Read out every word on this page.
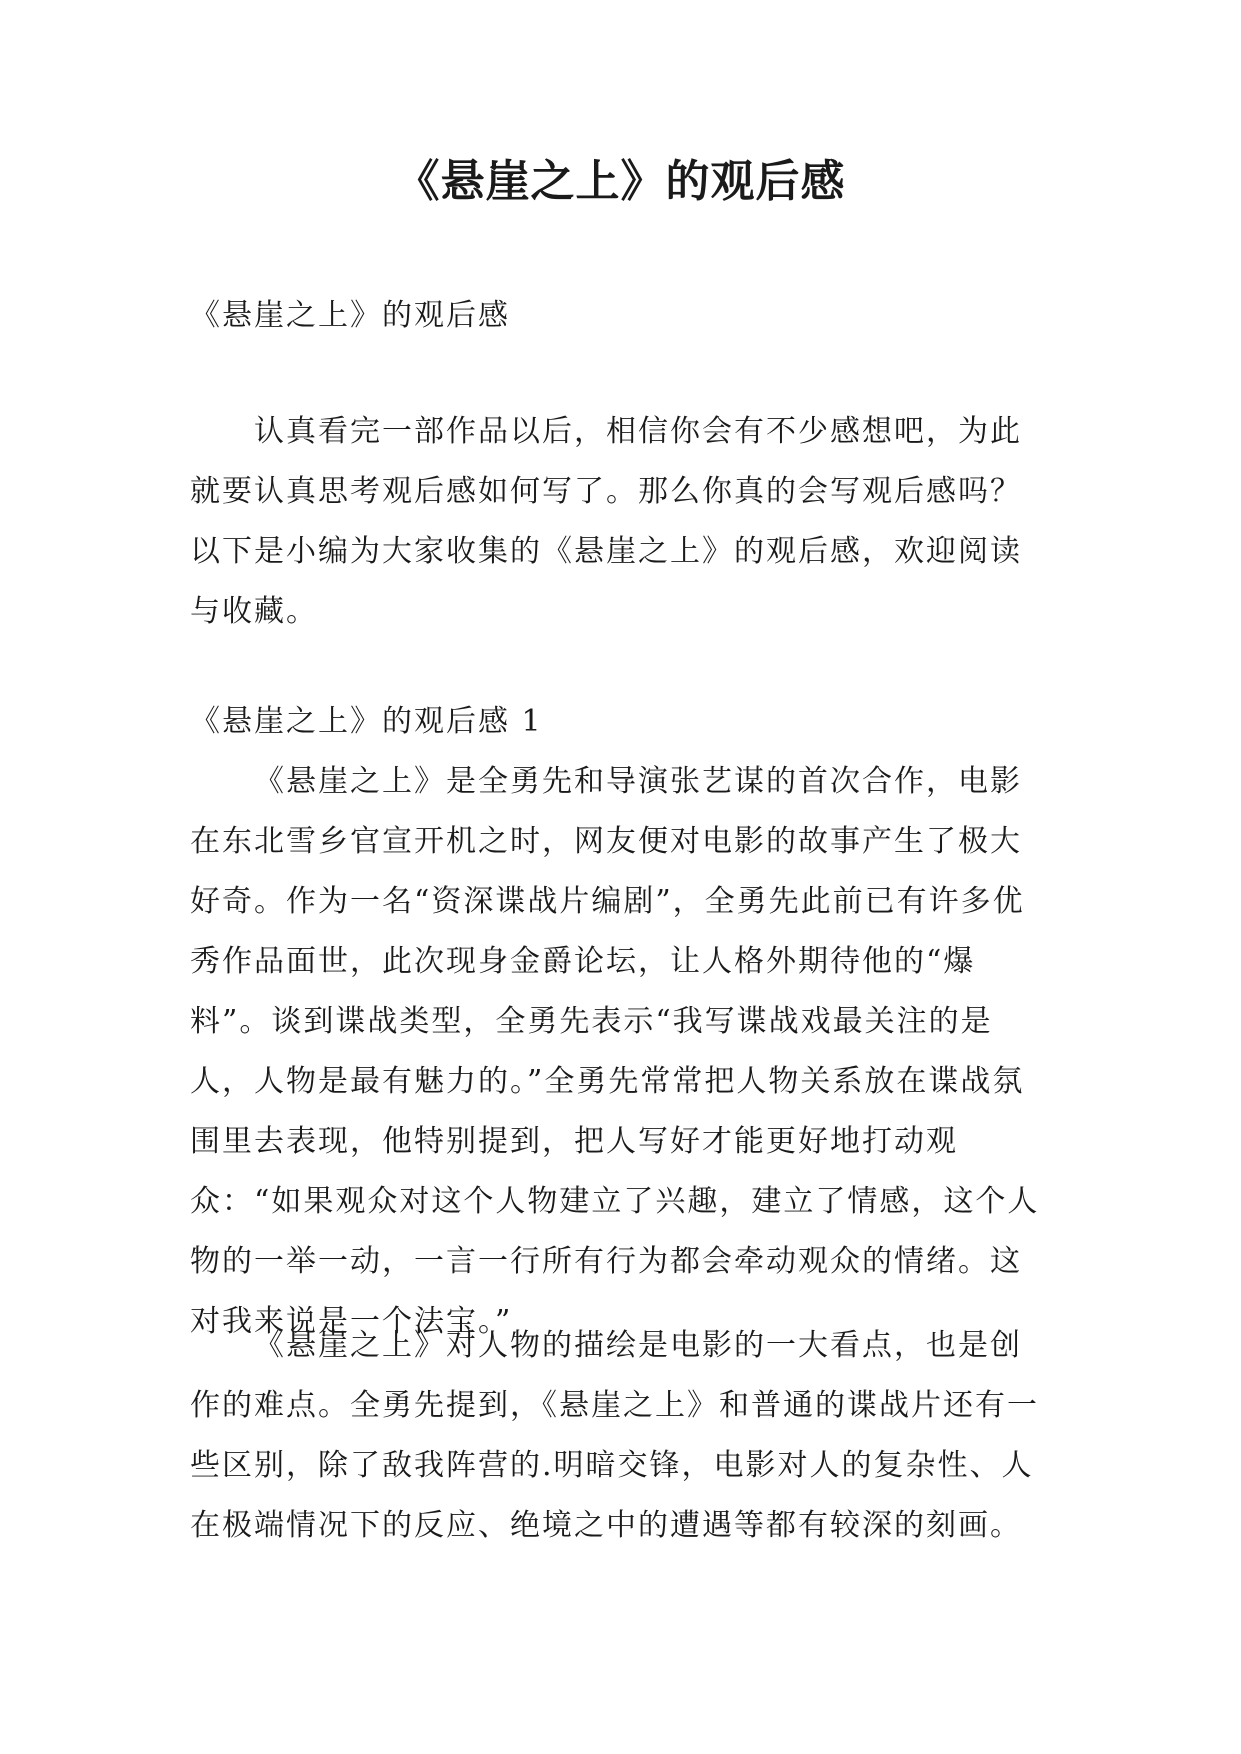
《悬崖之上》的观后感

《悬崖之上》的观后感

认真看完一部作品以后，相信你会有不少感想吧，为此就要认真思考观后感如何写了。那么你真的会写观后感吗？以下是小编为大家收集的《悬崖之上》的观后感，欢迎阅读与收藏。

《悬崖之上》的观后感 1

《悬崖之上》是全勇先和导演张艺谋的首次合作，电影在东北雪乡官宣开机之时，网友便对电影的故事产生了极大好奇。作为一名“资深谍战片编剧”，全勇先此前已有许多优秀作品面世，此次现身金爵论坛，让人格外期待他的“爆料”。谈到谍战类型，全勇先表示“我写谍战戏最关注的是人，人物是最有魅力的。”全勇先常常把人物关系放在谍战氛围里去表现，他特别提到，把人写好才能更好地打动观众：“如果观众对这个人物建立了兴趣，建立了情感，这个人物的一举一动，一言一行所有行为都会牵动观众的情绪。这对我来说是一个法宝。”

《悬崖之上》对人物的描绘是电影的一大看点，也是创作的难点。全勇先提到，《悬崖之上》和普通的谍战片还有一些区别，除了敌我阵营的.明暗交锋，电影对人的复杂性、人在极端情况下的反应、绝境之中的遭遇等都有较深的刻画。
